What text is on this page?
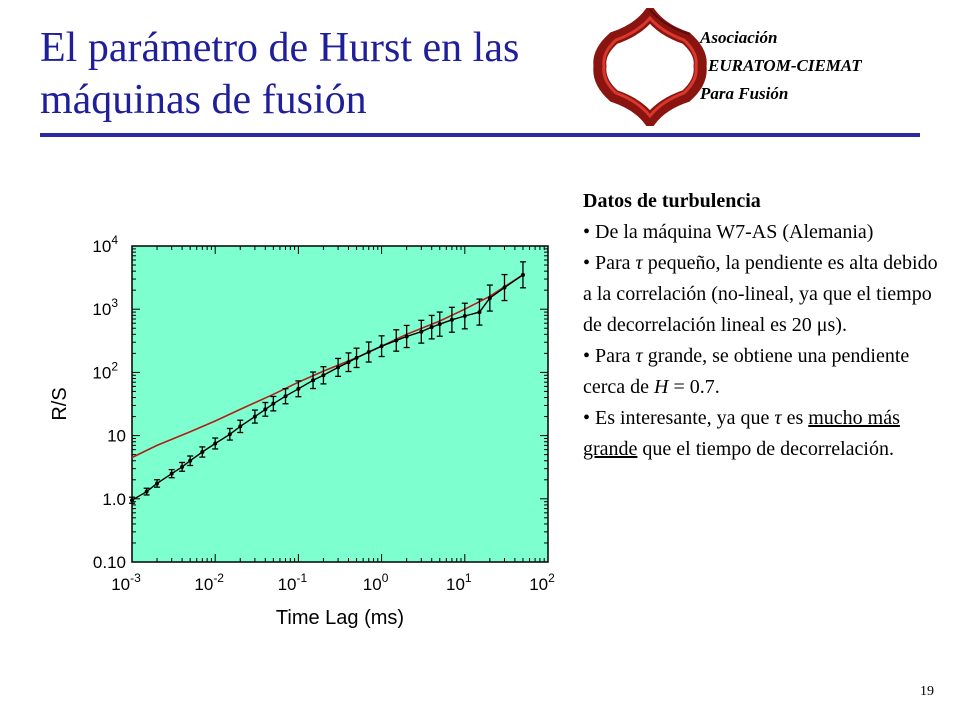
El parámetro de Hurst en las máquinas de fusión
Asociación
EURATOM-CIEMAT
Para Fusión
$10^{-3}$	$10^{-2}$	$10^{-1}$	$10^0$	$10^1$	$10^2$
0.10
1.0
10
$10^2$
$10^3$
$10^4$
Time Lag (ms)
R/S
Datos de turbulencia
• De la máquina W7-AS (Alemania)
• Para τ pequeño, la pendiente es alta debido a la correlación (no-lineal, ya que el tiempo de decorrelación lineal es 20 μs).
• Para τ grande, se obtiene una pendiente cerca de H = 0.7.
• Es interesante, ya que τ es mucho más grande que el tiempo de decorrelación.
19
